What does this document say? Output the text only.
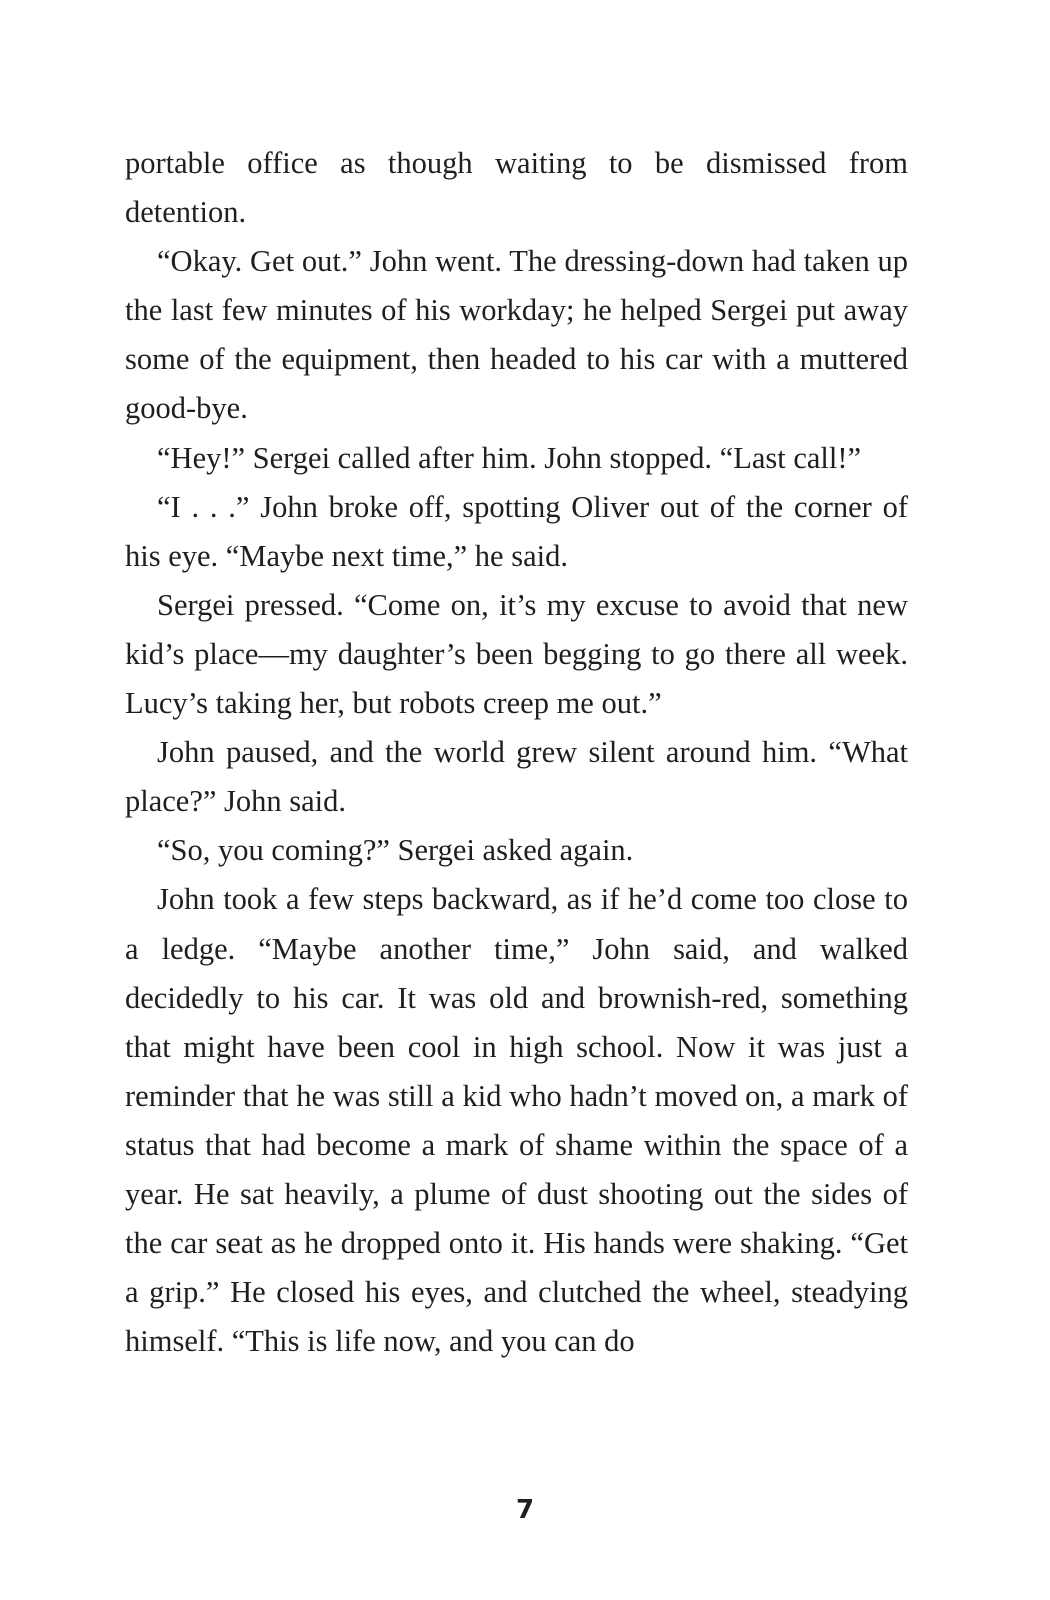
portable office as though waiting to be dismissed from detention.

“Okay. Get out.” John went. The dressing-down had taken up the last few minutes of his workday; he helped Sergei put away some of the equipment, then headed to his car with a muttered good-bye.

“Hey!” Sergei called after him. John stopped. “Last call!”

“I . . .” John broke off, spotting Oliver out of the corner of his eye. “Maybe next time,” he said.

Sergei pressed. “Come on, it’s my excuse to avoid that new kid’s place—my daughter’s been begging to go there all week. Lucy’s taking her, but robots creep me out.”

John paused, and the world grew silent around him. “What place?” John said.

“So, you coming?” Sergei asked again.

John took a few steps backward, as if he’d come too close to a ledge. “Maybe another time,” John said, and walked decidedly to his car. It was old and brownish-red, something that might have been cool in high school. Now it was just a reminder that he was still a kid who hadn’t moved on, a mark of status that had become a mark of shame within the space of a year. He sat heavily, a plume of dust shooting out the sides of the car seat as he dropped onto it. His hands were shaking. “Get a grip.” He closed his eyes, and clutched the wheel, steadying himself. “This is life now, and you can do

7
